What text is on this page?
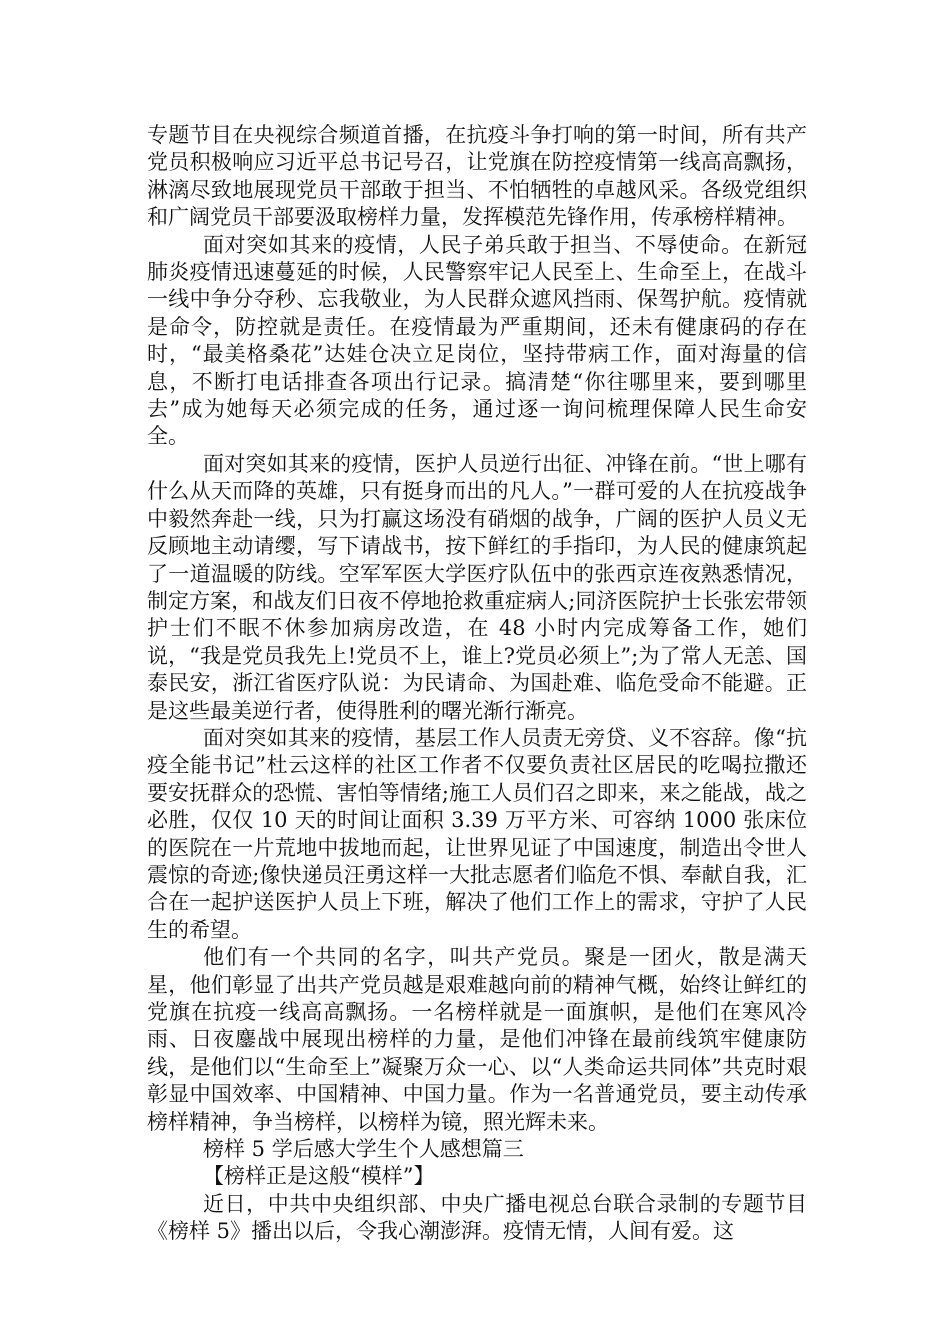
专题节目在央视综合频道首播，在抗疫斗争打响的第一时间，所有共产党员积极响应习近平总书记号召，让党旗在防控疫情第一线高高飘扬，淋漓尽致地展现党员干部敢于担当、不怕牺牲的卓越风采。各级党组织和广阔党员干部要汲取榜样力量，发挥模范先锋作用，传承榜样精神。

面对突如其来的疫情，人民子弟兵敢于担当、不辱使命。在新冠肺炎疫情迅速蔓延的时候，人民警察牢记人民至上、生命至上，在战斗一线中争分夺秒、忘我敬业，为人民群众遮风挡雨、保驾护航。疫情就是命令，防控就是责任。在疫情最为严重期间，还未有健康码的存在时，“最美格桑花”达娃仓决立足岗位，坚持带病工作，面对海量的信息，不断打电话排查各项出行记录。搞清楚“你往哪里来，要到哪里去”成为她每天必须完成的任务，通过逐一询问梳理保障人民生命安全。

面对突如其来的疫情，医护人员逆行出征、冲锋在前。“世上哪有什么从天而降的英雄，只有挺身而出的凡人。”一群可爱的人在抗疫战争中毅然奔赴一线，只为打赢这场没有硝烟的战争，广阔的医护人员义无反顾地主动请缨，写下请战书，按下鲜红的手指印，为人民的健康筑起了一道温暖的防线。空军军医大学医疗队伍中的张西京连夜熟悉情况，制定方案，和战友们日夜不停地抢救重症病人;同济医院护士长张宏带领护士们不眠不休参加病房改造，在 48 小时内完成筹备工作，她们说，“我是党员我先上!党员不上，谁上?党员必须上”;为了常人无恙、国泰民安，浙江省医疗队说：为民请命、为国赴难、临危受命不能避。正是这些最美逆行者，使得胜利的曙光渐行渐亮。

面对突如其来的疫情，基层工作人员责无旁贷、义不容辞。像“抗疫全能书记”杜云这样的社区工作者不仅要负责社区居民的吃喝拉撒还要安抚群众的恐慌、害怕等情绪;施工人员们召之即来，来之能战，战之必胜，仅仅 10 天的时间让面积 3.39 万平方米、可容纳 1000 张床位的医院在一片荒地中拔地而起，让世界见证了中国速度，制造出令世人震惊的奇迹;像快递员汪勇这样一大批志愿者们临危不惧、奉献自我，汇合在一起护送医护人员上下班，解决了他们工作上的需求，守护了人民生的希望。

他们有一个共同的名字，叫共产党员。聚是一团火，散是满天星，他们彰显了出共产党员越是艰难越向前的精神气概，始终让鲜红的党旗在抗疫一线高高飘扬。一名榜样就是一面旗帜，是他们在寒风冷雨、日夜鏖战中展现出榜样的力量，是他们冲锋在最前线筑牢健康防线，是他们以“生命至上”凝聚万众一心、以“人类命运共同体”共克时艰彰显中国效率、中国精神、中国力量。作为一名普通党员，要主动传承榜样精神，争当榜样，以榜样为镜，照光辉未来。

榜样 5 学后感大学生个人感想篇三

【榜样正是这般“模样”】

近日，中共中央组织部、中央广播电视总台联合录制的专题节目《榜样 5》播出以后，令我心潮澎湃。疫情无情，人间有爱。这
